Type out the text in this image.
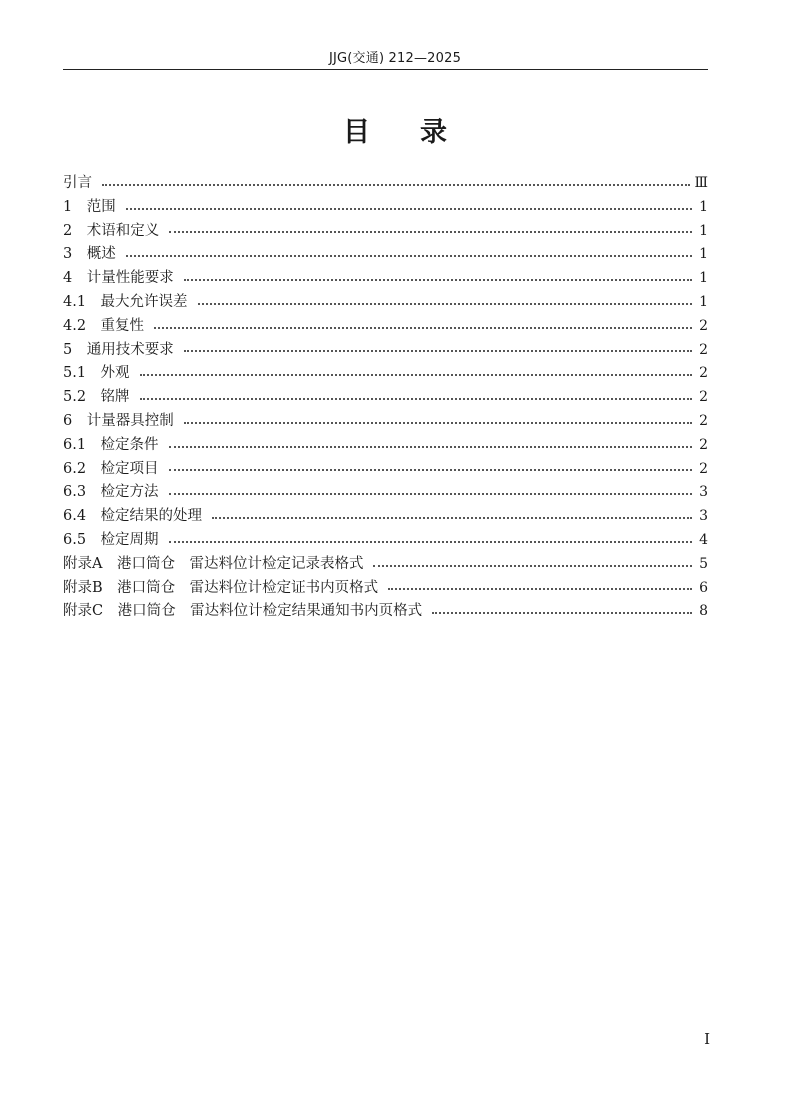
JJG(交通) 212—2025
目录
引言	Ⅲ
1　范围	1
2　术语和定义	1
3　概述	1
4　计量性能要求	1
4.1　最大允许误差	1
4.2　重复性	2
5　通用技术要求	2
5.1　外观	2
5.2　铭牌	2
6　计量器具控制	2
6.1　检定条件	2
6.2　检定项目	2
6.3　检定方法	3
6.4　检定结果的处理	3
6.5　检定周期	4
附录A　港口筒仓　雷达料位计检定记录表格式	5
附录B　港口筒仓　雷达料位计检定证书内页格式	6
附录C　港口筒仓　雷达料位计检定结果通知书内页格式	8
Ⅰ
